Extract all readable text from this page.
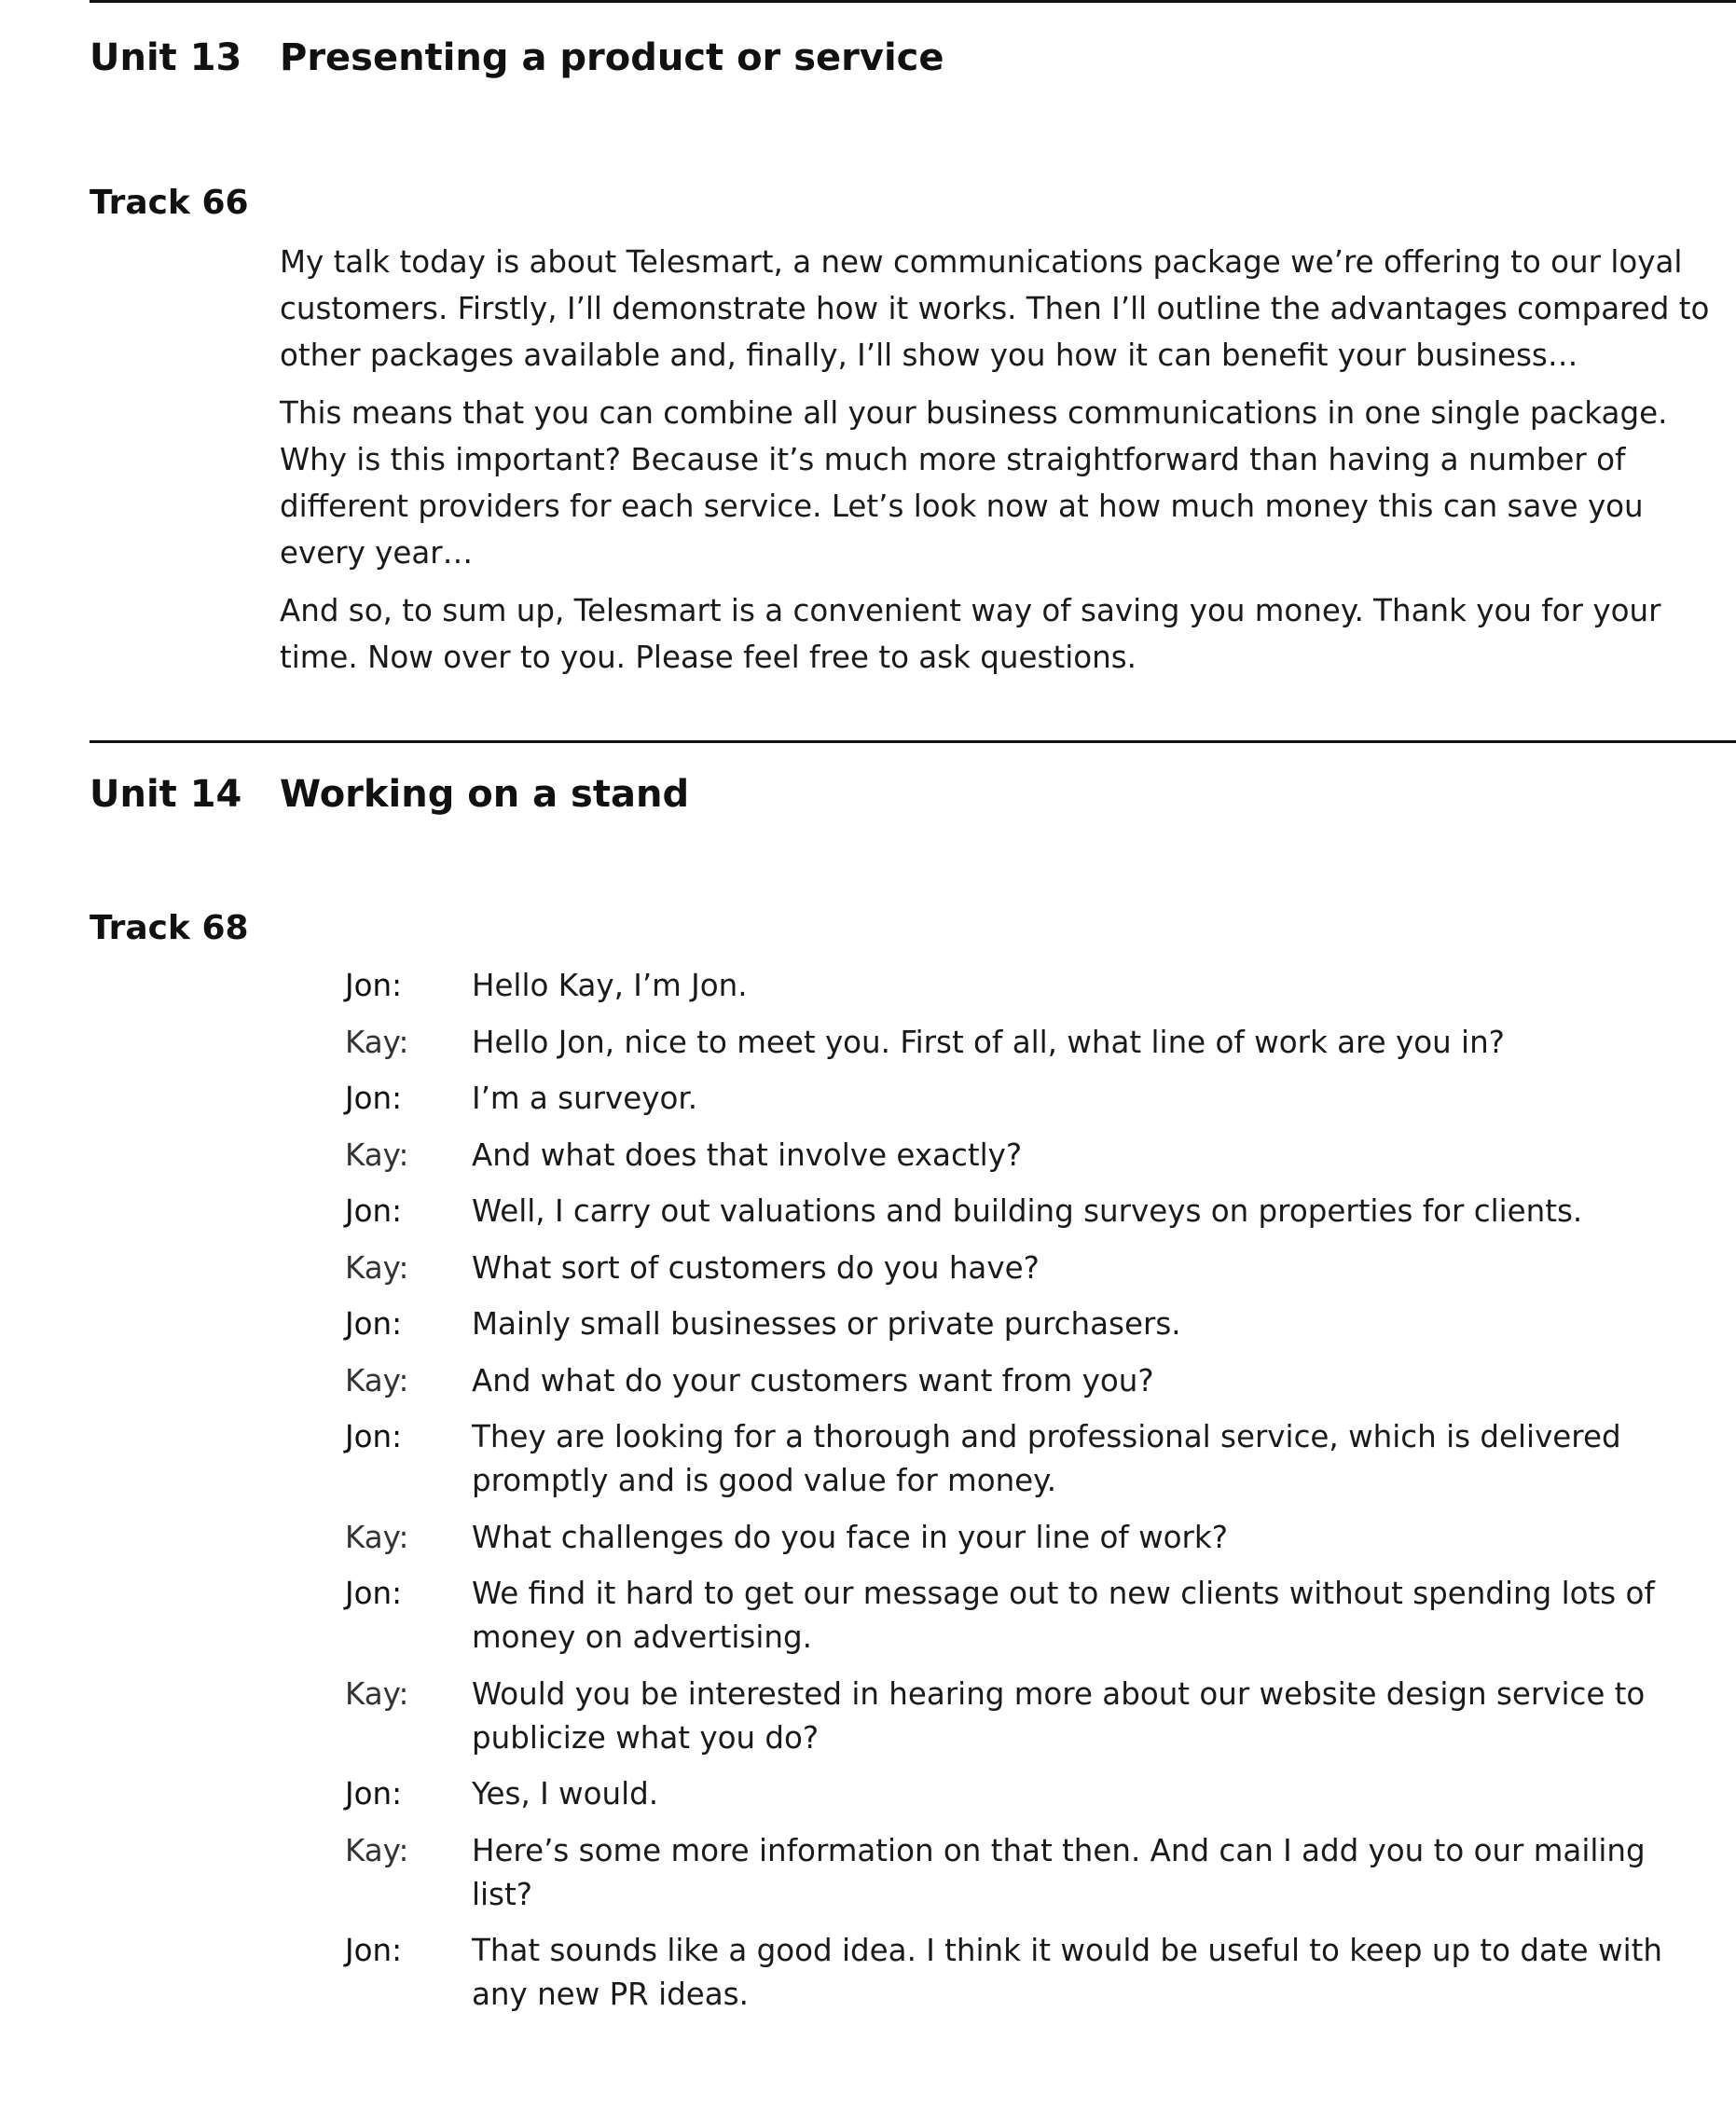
Unit 13 Presenting a product or service
Track 66

My talk today is about Telesmart, a new communications package we’re offering to our loyal customers. Firstly, I’ll demonstrate how it works. Then I’ll outline the advantages compared to other packages available and, finally, I’ll show you how it can benefit your business…

This means that you can combine all your business communications in one single package. Why is this important? Because it’s much more straightforward than having a number of different providers for each service. Let’s look now at how much money this can save you every year…

And so, to sum up, Telesmart is a convenient way of saving you money. Thank you for your time. Now over to you. Please feel free to ask questions.

Unit 14 Working on a stand
Track 68
Jon:	Hello Kay, I’m Jon.
Kay:	Hello Jon, nice to meet you. First of all, what line of work are you in?
Jon:	I’m a surveyor.
Kay:	And what does that involve exactly?
Jon:	Well, I carry out valuations and building surveys on properties for clients.
Kay:	What sort of customers do you have?
Jon:	Mainly small businesses or private purchasers.
Kay:	And what do your customers want from you?
Jon:	They are looking for a thorough and professional service, which is delivered promptly and is good value for money.
Kay:	What challenges do you face in your line of work?
Jon:	We find it hard to get our message out to new clients without spending lots of money on advertising.
Kay:	Would you be interested in hearing more about our website design service to publicize what you do?
Jon:	Yes, I would.
Kay:	Here’s some more information on that then. And can I add you to our mailing list?
Jon:	That sounds like a good idea. I think it would be useful to keep up to date with any new PR ideas.
